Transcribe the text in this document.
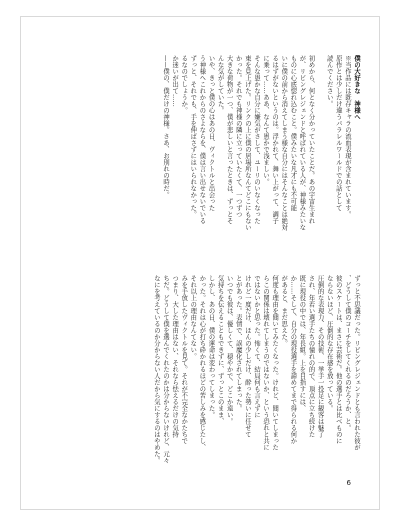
僕の大好きな　神様へ

※当作品には既存キャラの流血表現が含まれています。

原作とは少しだけ違うパラレルワールドでの話として

読んでください。

初めから、何となく分かっていたことだ。あの宇宙生まれ

が、リビングレジェンドと呼ばれている人が、神様みたいな

ものに心底惚れ込むこと。僕みたいな凡才にも不可能

いに僕の前から消えてしまう様な自分にはそんなことは絶対

るはずがないというのは。浮かれて、舞い上がって、調子

に乗って……ああ、なんて愚かで浅ましい。

そんな愚かな自分に嫌気がさして、ユーリのいなくなった

東を見上げた。リンクの上に僕の居場所なんてどこにもない

かった。それでも神様の隣に立っていたくて、一つずつ

大きな荷物が一つ、僕が悲しいと言ったときは、ずっとそ

んな気がしていた。

いや、きっと僕の心はあの日、ヴィクトルと出会った

う神様へこれからのさよならを、僕は言い出せないでいる

ずっと、それでも、手を伸ばさずにはいられなかった。

るなのでしょうか。

か迷いが出て……

——僕の、僕だけの神様。さあ、お別れの時だ。

ずっと不思議だった。リビングレジェンドとも言われた彼が

、どうして僕のコーチをしてくれるのだろうか、と。

彼のスケートは、まさに芸術だ。他の選手とは比べものに

ならないほど、圧倒的な存在感を放っている。

圧倒的な表現力、その技術、一挙手一投足に観客は魅了

され、年若い選手たちの憧れの的で、頂点に立ち続けた

既に現役の中では、年長組。上を目指すには、

か……そして、自分の現役選手を諦めてまで得られる何か

があると、まだ思えた。

何度も理由を聞いてみたくなった。けれど、聞いてしまった

らこの関係は壊れてしまうのではないか、という恐れと共に

ではないかと思った。怖くて、結局何も言えずに

けれど一度だけ、ほんの少しだけ、酔った勢いに任せて

とがあった。表情で、誤魔化されてしまった。

いつでも彼は、優しくて、穏やかで、どこか遠い。

気持ちを伝えることもできずに、ずっとこのまま、

しかし、あの日、僕の運命は変わってしまった。

かった。それは心が打ち砕かれるほどの苦しみを感じたし、

それ以上の理由なんてない。

みを手放したヴィクトルを見て。それが不完全なかたちで

つまり、大した理由はない、それなら怯えるだけの気持

ちだ。どうして僕を選んでくれたのかは分からないけれど、元々

なにを考えているのか分からない人だから気にするのはやめた。

6
